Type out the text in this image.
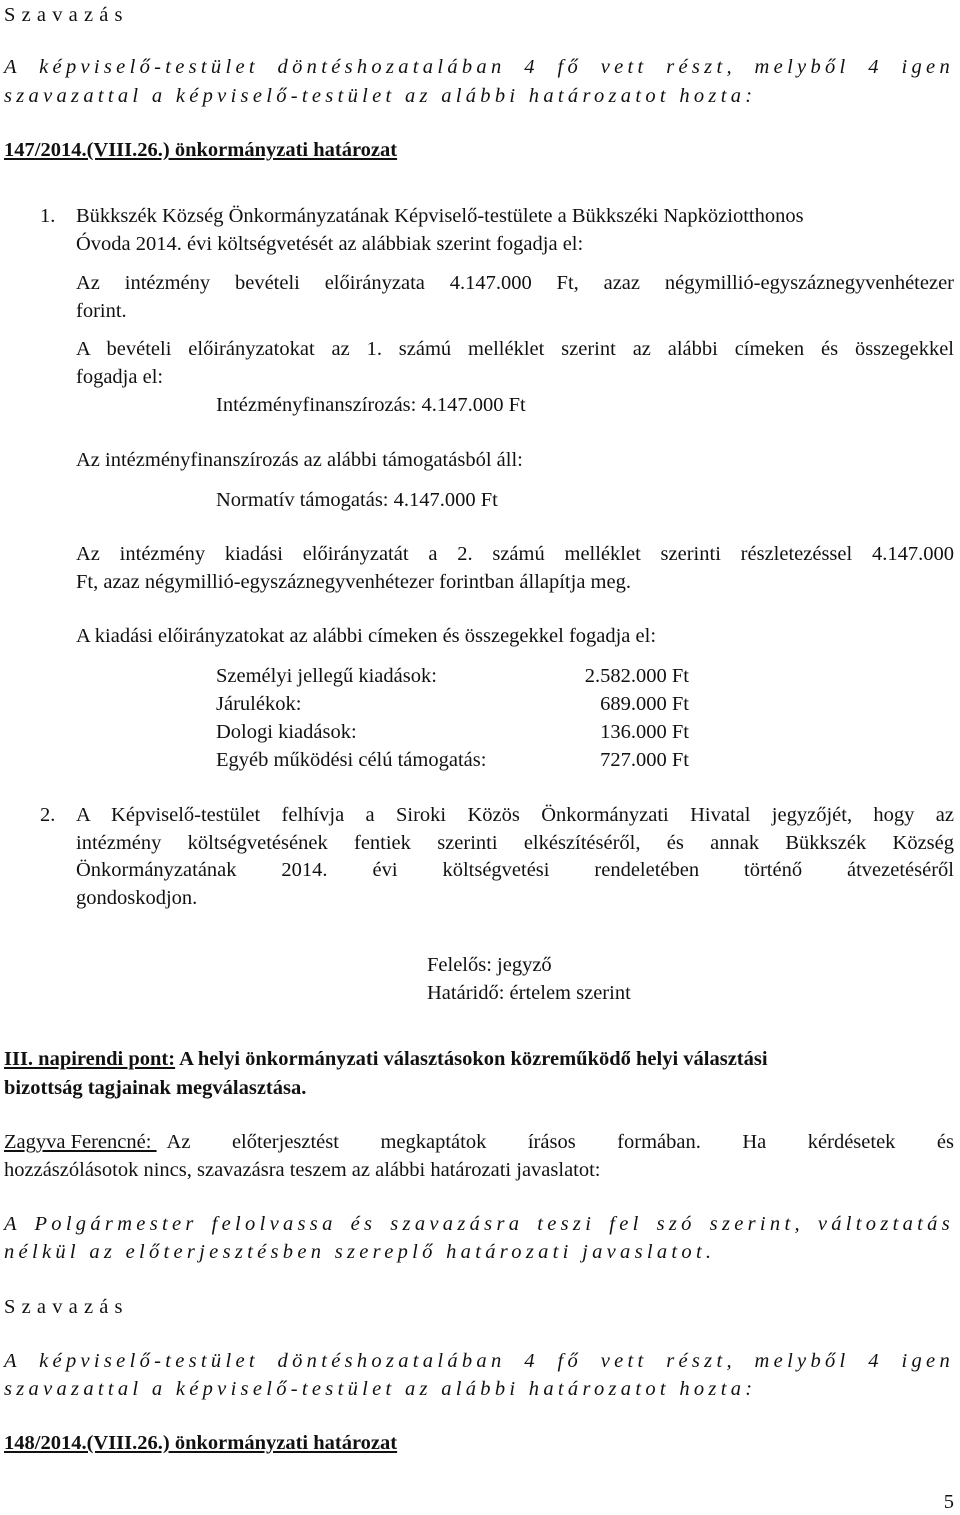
Szavazás
A képviselő-testület döntéshozatalában 4 fő vett részt, melyből 4 igen
szavazattal a képviselő-testület az alábbi határozatot hozta:
147/2014.(VIII.26.) önkormányzati határozat
1. Bükkszék Község Önkormányzatának Képviselő-testülete a Bükkszéki Napköziotthonos
Óvoda 2014. évi költségvetését az alábbiak szerint fogadja el:
Az intézmény bevételi előirányzata 4.147.000 Ft, azaz négymillió-egyszáznegyvenhétezer
forint.
A bevételi előirányzatokat az 1. számú melléklet szerint az alábbi címeken és összegekkel
fogadja el:
Intézményfinanszírozás: 4.147.000 Ft
Az intézményfinanszírozás az alábbi támogatásból áll:
Normatív támogatás: 4.147.000 Ft
Az intézmény kiadási előirányzatát a 2. számú melléklet szerinti részletezéssel 4.147.000
Ft, azaz négymillió-egyszáznegyvenhétezer forintban állapítja meg.
A kiadási előirányzatokat az alábbi címeken és összegekkel fogadja el:
Személyi jellegű kiadások:	2.582.000 Ft
Járulékok:	689.000 Ft
Dologi kiadások:	136.000 Ft
Egyéb működési célú támogatás:	727.000 Ft
2. A Képviselő-testület felhívja a Siroki Közös Önkormányzati Hivatal jegyzőjét, hogy az
intézmény költségvetésének fentiek szerinti elkészítéséről, és annak Bükkszék Község
Önkormányzatának 2014. évi költségvetési rendeletében történő átvezetéséről
gondoskodjon.
Felelős: jegyző
Határidő: értelem szerint
III. napirendi pont: A helyi önkormányzati választásokon közreműködő helyi választási
bizottság tagjainak megválasztása.
Zagyva Ferencné: Az előterjesztést megkaptátok írásos formában. Ha kérdésetek és
hozzászólásotok nincs, szavazásra teszem az alábbi határozati javaslatot:
A Polgármester felolvassa és szavazásra teszi fel szó szerint, változtatás
nélkül az előterjesztésben szereplő határozati javaslatot.
Szavazás
A képviselő-testület döntéshozatalában 4 fő vett részt, melyből 4 igen
szavazattal a képviselő-testület az alábbi határozatot hozta:
148/2014.(VIII.26.) önkormányzati határozat
5
